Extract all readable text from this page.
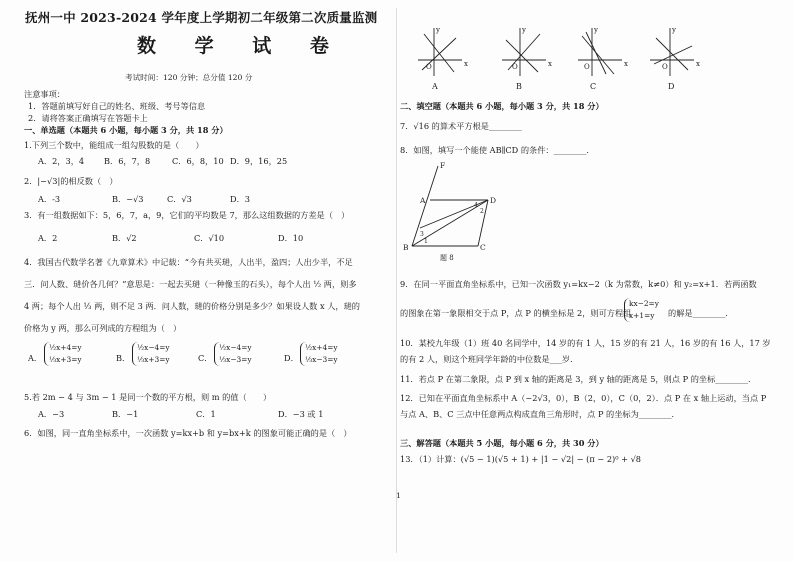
抚州一中 2023-2024 学年度上学期初二年级第二次质量监测
数 学 试 卷
考试时间：120 分钟；总分值 120 分
注意事项：
1．答题前填写好自己的姓名、班级、考号等信息
2．请将答案正确填写在答题卡上
一、单选题（本题共 6 小题，每小题 3 分，共 18 分）
1.下列三个数中，能组成一组勾股数的是（　　）
A．2，3，4 B．6，7，8	C．6，8，10 D．9，16，25
2．|−√3|的相反数（　）
A．-3	B．−√3	C．√3	D．3
3．有一组数据如下：5，6，7，a，9，它们的平均数是 7，那么这组数据的方差是（　）
A．2	B．√2	C．√10	D．10
4．我国古代数学名著《九章算术》中记载：“今有共买琎，人出半，盈四；人出少半，不足
三．问人数、琎价各几何？”意思是：一起去买琎（一种像玉的石头），每个人出 ½ 两，则多
4 两；每个人出 ⅓ 两，则不足 3 两．问人数，琎的价格分别是多少？如果设人数 x 人，琎的
价格为 y 两，那么可列成的方程组为（　）
A．
½x+4=y
⅓x+3=y	B．
½x−4=y
⅓x+3=y	C．
½x−4=y
⅓x−3=y	D．
½x+4=y
⅓x−3=y
5.若 2m − 4 与 3m − 1 是同一个数的平方根，则 m 的值（　　）
A．−3	B．−1	C．1	D．−3 或 1
6．如图，同一直角坐标系中，一次函数 y=kx+b 和 y=bx+k 的图象可能正确的是（　）
y
x
O
y
x
O
y
x
O
y
x
O
A	B	C	D
二、填空题（本题共 6 小题，每小题 3 分，共 18 分）
7．√16 的算术平方根是________
8．如图，填写一个能使 AB∥CD 的条件：________．
F
A	D
B	C
4
2
1
3
题 8
9．在同一平面直角坐标系中，已知一次函数 y₁=kx−2（k 为常数，k≠0）和 y₂=x+1．若两函数
的图象在第一象限相交于点 P，点 P 的横坐标是 2，则可方程组
kx−2=y
x+1=y	的解是________．
10．某校九年级（1）班 40 名同学中，14 岁的有 1 人，15 岁的有 21 人，16 岁的有 16 人，17 岁
的有 2 人，则这个班同学年龄的中位数是___岁．
11．若点 P 在第二象限，点 P 到 x 轴的距离是 3，到 y 轴的距离是 5，则点 P 的坐标________．
12．已知在平面直角坐标系中 A（−2√3，0），B（2，0），C（0，2）．点 P 在 x 轴上运动，当点 P
与点 A、B、C 三点中任意两点构成直角三角形时，点 P 的坐标为________．
三、解答题（本题共 5 小题，每小题 6 分，共 30 分）
13．（1）计算：(√5 − 1)(√5 + 1) + |1 − √2| − (π − 2)⁰ + √8
1
